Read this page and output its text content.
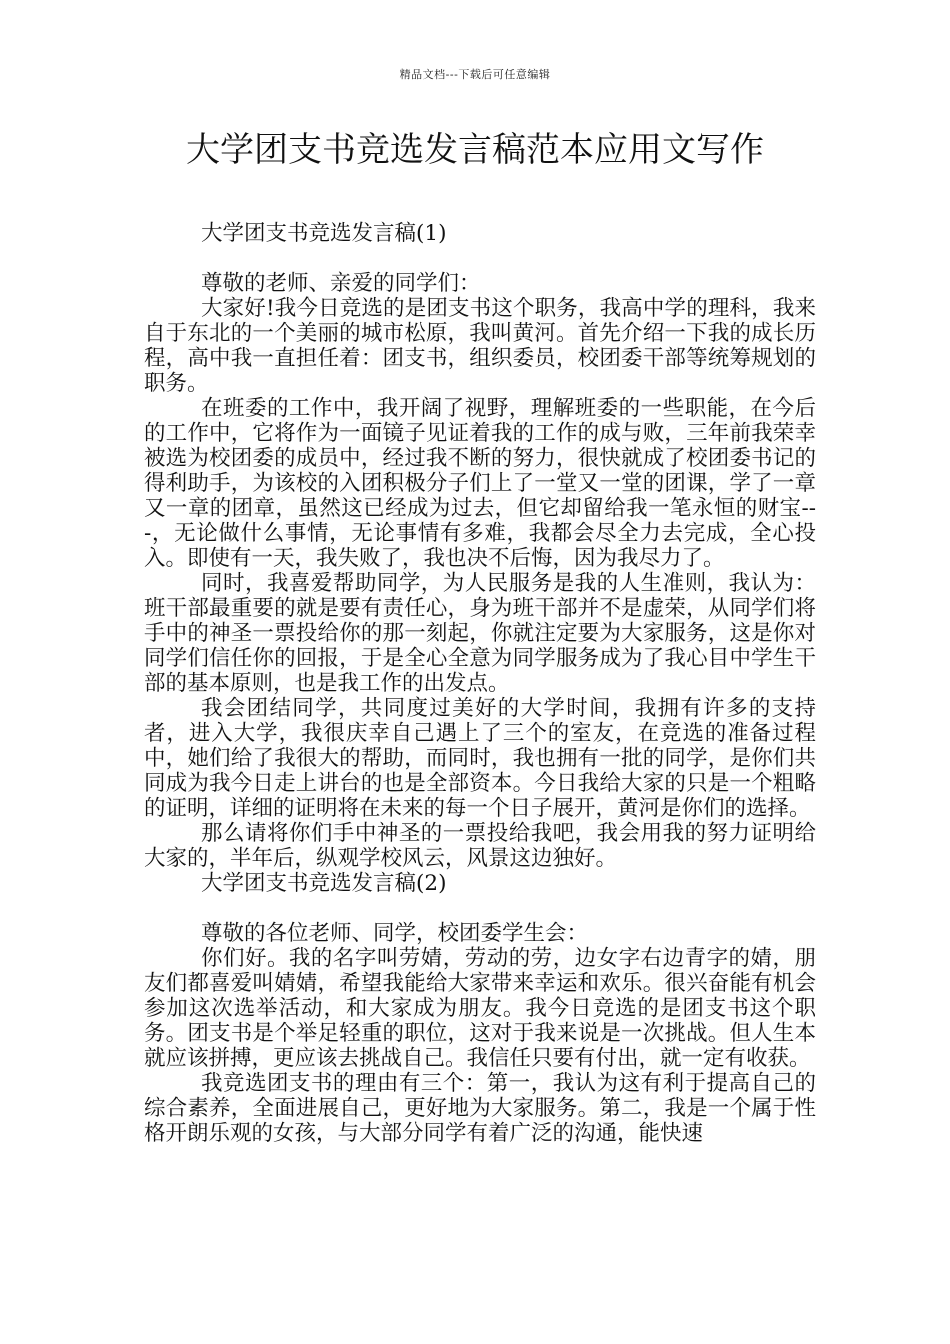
精品文档---下载后可任意编辑
大学团支书竞选发言稿范本应用文写作

大学团支书竞选发言稿(1)

尊敬的老师、亲爱的同学们：

大家好!我今日竞选的是团支书这个职务，我高中学的理科，我来自于东北的一个美丽的城市松原，我叫黄河。首先介绍一下我的成长历程，高中我一直担任着：团支书，组织委员，校团委干部等统筹规划的职务。

在班委的工作中，我开阔了视野，理解班委的一些职能，在今后的工作中，它将作为一面镜子见证着我的工作的成与败，三年前我荣幸被选为校团委的成员中，经过我不断的努力，很快就成了校团委书记的得利助手，为该校的入团积极分子们上了一堂又一堂的团课，学了一章又一章的团章，虽然这已经成为过去，但它却留给我一笔永恒的财宝---，无论做什么事情，无论事情有多难，我都会尽全力去完成，全心投入。即使有一天，我失败了，我也决不后悔，因为我尽力了。

同时，我喜爱帮助同学，为人民服务是我的人生准则，我认为：班干部最重要的就是要有责任心，身为班干部并不是虚荣，从同学们将手中的神圣一票投给你的那一刻起，你就注定要为大家服务，这是你对同学们信任你的回报，于是全心全意为同学服务成为了我心目中学生干部的基本原则，也是我工作的出发点。

我会团结同学，共同度过美好的大学时间，我拥有许多的支持者，进入大学，我很庆幸自己遇上了三个的室友，在竞选的准备过程中，她们给了我很大的帮助，而同时，我也拥有一批的同学，是你们共同成为我今日走上讲台的也是全部资本。今日我给大家的只是一个粗略的证明，详细的证明将在未来的每一个日子展开，黄河是你们的选择。

那么请将你们手中神圣的一票投给我吧，我会用我的努力证明给大家的，半年后，纵观学校风云，风景这边独好。

大学团支书竞选发言稿(2)

尊敬的各位老师、同学，校团委学生会：

你们好。我的名字叫劳婧，劳动的劳，边女字右边青字的婧，朋友们都喜爱叫婧婧，希望我能给大家带来幸运和欢乐。很兴奋能有机会参加这次选举活动，和大家成为朋友。我今日竞选的是团支书这个职务。团支书是个举足轻重的职位，这对于我来说是一次挑战。但人生本就应该拼搏，更应该去挑战自己。我信任只要有付出，就一定有收获。

我竞选团支书的理由有三个：第一，我认为这有利于提高自己的综合素养，全面进展自己，更好地为大家服务。第二，我是一个属于性格开朗乐观的女孩，与大部分同学有着广泛的沟通，能快速
